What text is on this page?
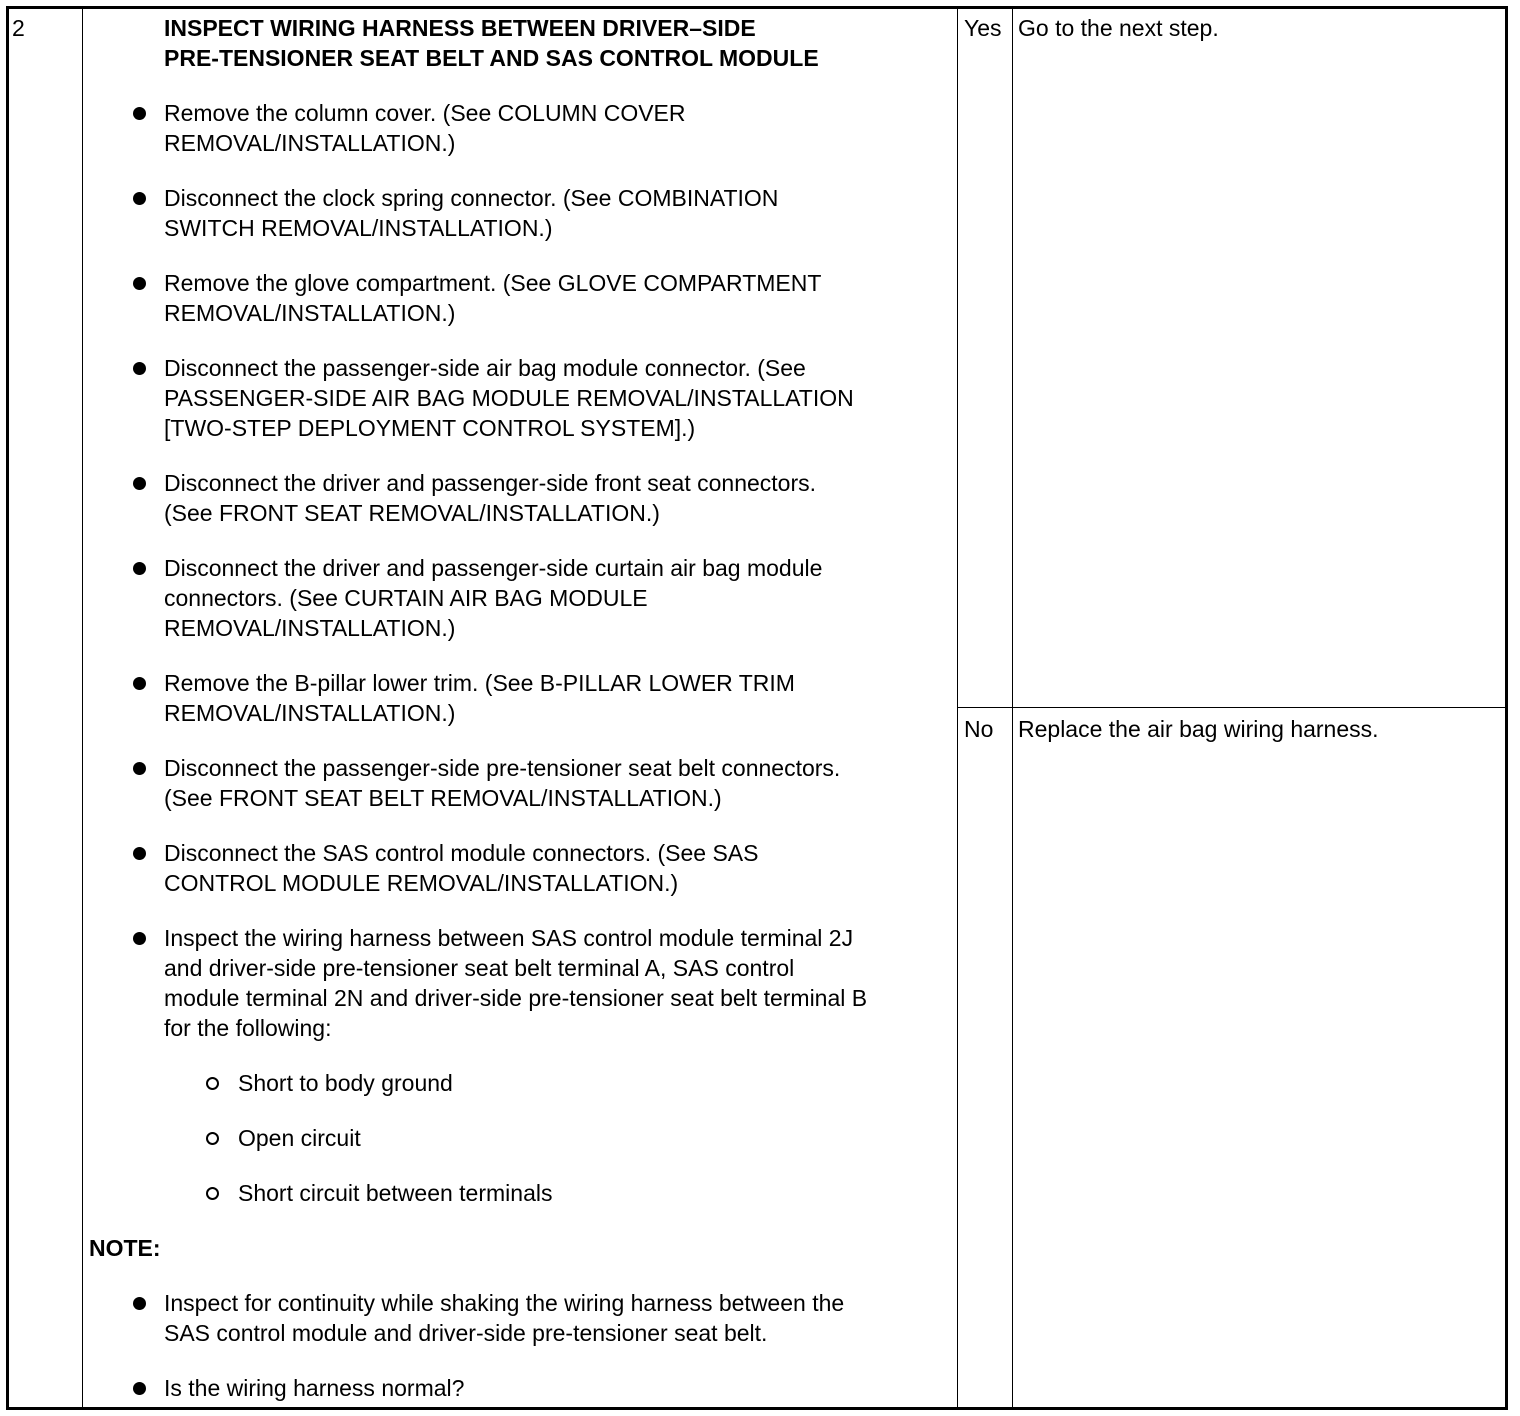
2	INSPECT WIRING HARNESS BETWEEN DRIVER–SIDE
PRE-TENSIONER SEAT BELT AND SAS CONTROL MODULE
Remove the column cover. (See COLUMN COVER
REMOVAL/INSTALLATION.)
Disconnect the clock spring connector. (See COMBINATION
SWITCH REMOVAL/INSTALLATION.)
Remove the glove compartment. (See GLOVE COMPARTMENT
REMOVAL/INSTALLATION.)
Disconnect the passenger-side air bag module connector. (See
PASSENGER-SIDE AIR BAG MODULE REMOVAL/INSTALLATION
[TWO-STEP DEPLOYMENT CONTROL SYSTEM].)
Disconnect the driver and passenger-side front seat connectors.
(See FRONT SEAT REMOVAL/INSTALLATION.)
Disconnect the driver and passenger-side curtain air bag module
connectors. (See CURTAIN AIR BAG MODULE
REMOVAL/INSTALLATION.)
Remove the B-pillar lower trim. (See B-PILLAR LOWER TRIM
REMOVAL/INSTALLATION.)
Disconnect the passenger-side pre-tensioner seat belt connectors.
(See FRONT SEAT BELT REMOVAL/INSTALLATION.)
Disconnect the SAS control module connectors. (See SAS
CONTROL MODULE REMOVAL/INSTALLATION.)
Inspect the wiring harness between SAS control module terminal 2J
and driver-side pre-tensioner seat belt terminal A, SAS control
module terminal 2N and driver-side pre-tensioner seat belt terminal B
for the following:
Short to body ground
Open circuit
Short circuit between terminals
NOTE:
Inspect for continuity while shaking the wiring harness between the
SAS control module and driver-side pre-tensioner seat belt.
Is the wiring harness normal?
Yes Go to the next step.
No Replace the air bag wiring harness.
